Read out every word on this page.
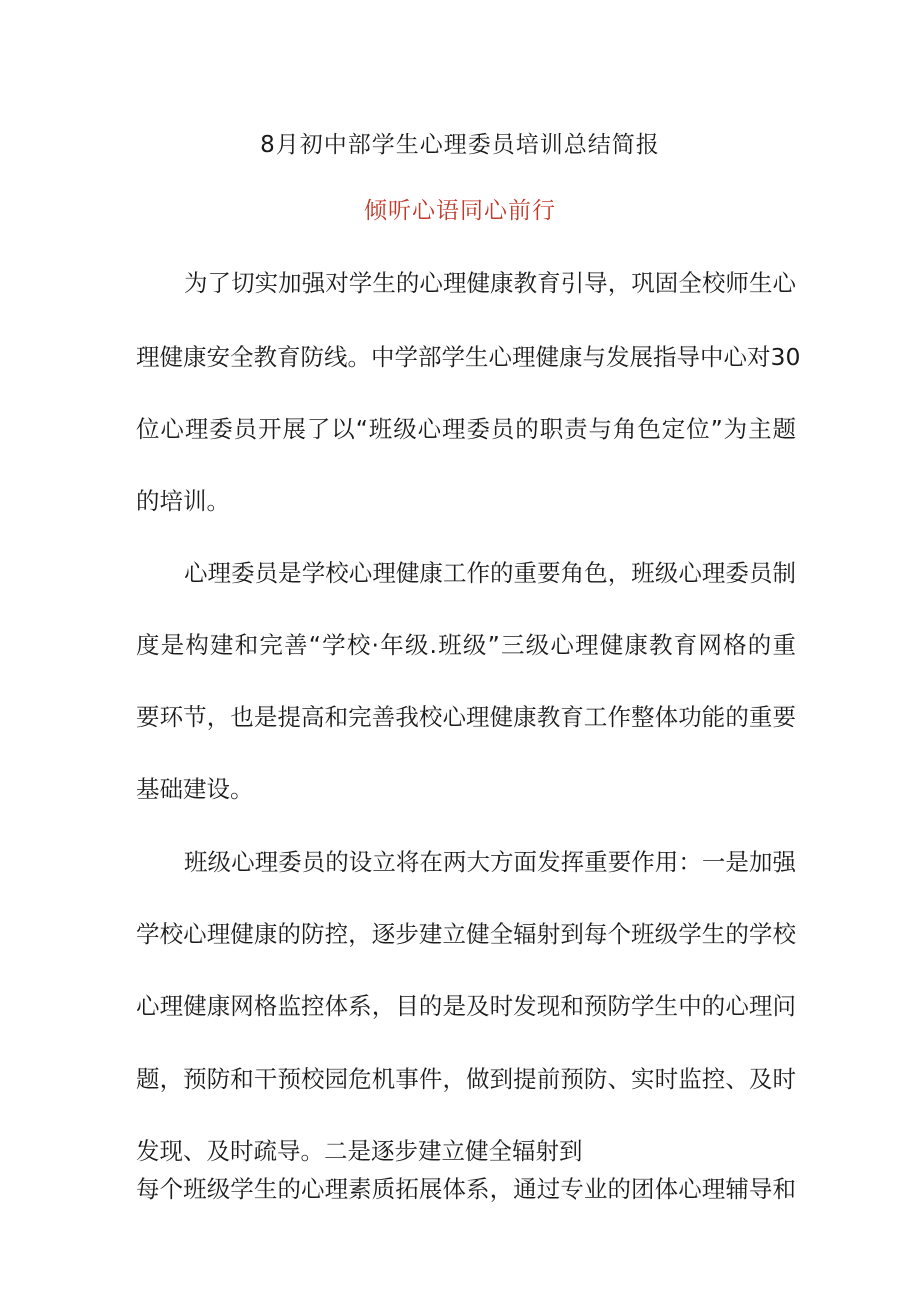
8月初中部学生心理委员培训总结简报
倾听心语同心前行
为了切实加强对学生的心理健康教育引导，巩固全校师生心
理健康安全教育防线。中学部学生心理健康与发展指导中心对30
位心理委员开展了以“班级心理委员的职责与角色定位”为主题
的培训。
心理委员是学校心理健康工作的重要角色，班级心理委员制
度是构建和完善“学校·年级.班级”三级心理健康教育网格的重
要环节，也是提高和完善我校心理健康教育工作整体功能的重要
基础建设。
班级心理委员的设立将在两大方面发挥重要作用：一是加强
学校心理健康的防控，逐步建立健全辐射到每个班级学生的学校
心理健康网格监控体系，目的是及时发现和预防学生中的心理问
题，预防和干预校园危机事件，做到提前预防、实时监控、及时
发现、及时疏导。二是逐步建立健全辐射到
每个班级学生的心理素质拓展体系，通过专业的团体心理辅导和
